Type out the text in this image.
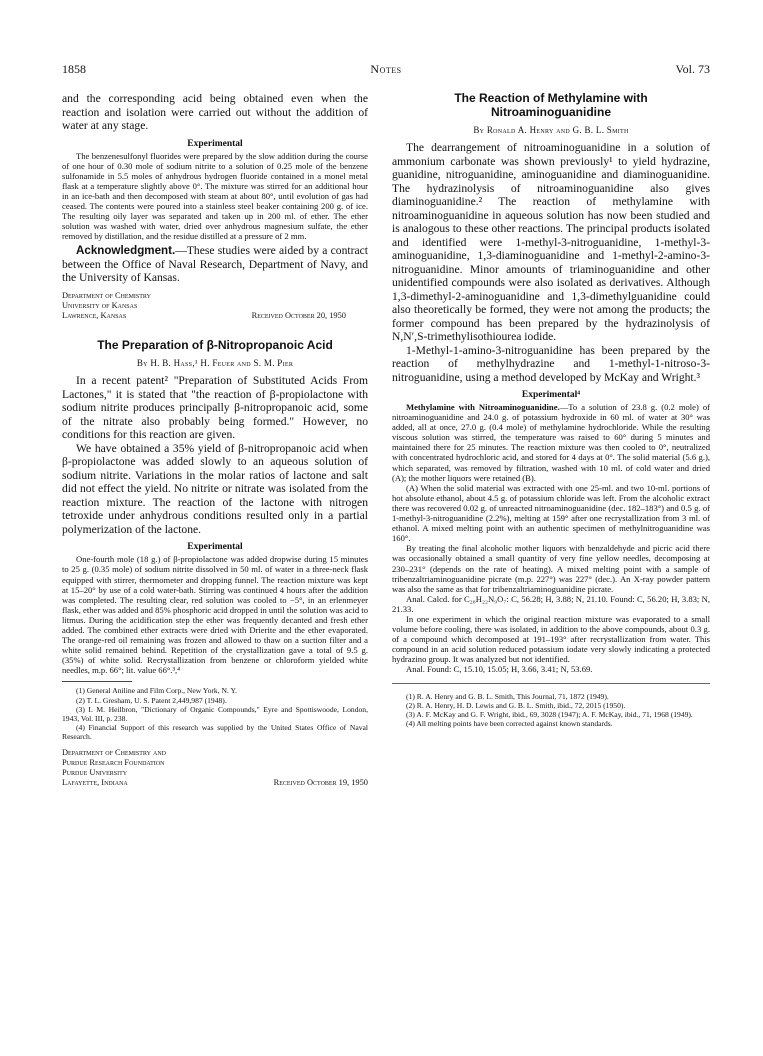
1858	Notes	Vol. 73

and the corresponding acid being obtained even when the reaction and isolation were carried out without the addition of water at any stage.

Experimental

The benzenesulfonyl fluorides were prepared by the slow addition during the course of one hour of 0.30 mole of sodium nitrite to a solution of 0.25 mole of the benzene sulfonamide in 5.5 moles of anhydrous hydrogen fluoride contained in a monel metal flask at a temperature slightly above 0°. The mixture was stirred for an additional hour in an ice-bath and then decomposed with steam at about 80°, until evolution of gas had ceased. The contents were poured into a stainless steel beaker containing 200 g. of ice. The resulting oily layer was separated and taken up in 200 ml. of ether. The ether solution was washed with water, dried over anhydrous magnesium sulfate, the ether removed by distillation, and the residue distilled at a pressure of 2 mm.

Acknowledgment.—These studies were aided by a contract between the Office of Naval Research, Department of Navy, and the University of Kansas.

Department of Chemistry
University of Kansas
Lawrence, Kansas	Received October 20, 1950
The Preparation of β-Nitropropanoic Acid
By H. B. Hass,¹ H. Feuer and S. M. Pier

In a recent patent² "Preparation of Substituted Acids From Lactones," it is stated that "the reaction of β-propiolactone with sodium nitrite produces principally β-nitropropanoic acid, some of the nitrate also probably being formed." However, no conditions for this reaction are given.

We have obtained a 35% yield of β-nitropropanoic acid when β-propiolactone was added slowly to an aqueous solution of sodium nitrite. Variations in the molar ratios of lactone and salt did not effect the yield. No nitrite or nitrate was isolated from the reaction mixture. The reaction of the lactone with nitrogen tetroxide under anhydrous conditions resulted only in a partial polymerization of the lactone.

Experimental

One-fourth mole (18 g.) of β-propiolactone was added dropwise during 15 minutes to 25 g. (0.35 mole) of sodium nitrite dissolved in 50 ml. of water in a three-neck flask equipped with stirrer, thermometer and dropping funnel. The reaction mixture was kept at 15–20° by use of a cold water-bath. Stirring was continued 4 hours after the addition was completed. The resulting clear, red solution was cooled to −5°, in an erlenmeyer flask, ether was added and 85% phosphoric acid dropped in until the solution was acid to litmus. During the acidification step the ether was frequently decanted and fresh ether added. The combined ether extracts were dried with Drierite and the ether evaporated. The orange-red oil remaining was frozen and allowed to thaw on a suction filter and a white solid remained behind. Repetition of the crystallization gave a total of 9.5 g. (35%) of white solid. Recrystallization from benzene or chloroform yielded white needles, m.p. 66°; lit. value 66°.³,⁴

(1) General Aniline and Film Corp., New York, N. Y.

(2) T. L. Gresham, U. S. Patent 2,449,987 (1948).

(3) I. M. Heilbron, "Dictionary of Organic Compounds," Eyre and Spottiswoode, London, 1943, Vol. III, p. 238.

(4) Financial Support of this research was supplied by the United States Office of Naval Research.

Department of Chemistry and
Purdue Research Foundation
Purdue University
Lafayette, Indiana	Received October 19, 1950
The Reaction of Methylamine with Nitroaminoguanidine
By Ronald A. Henry and G. B. L. Smith

The dearrangement of nitroaminoguanidine in a solution of ammonium carbonate was shown previously¹ to yield hydrazine, guanidine, nitroguanidine, aminoguanidine and diaminoguanidine. The hydrazinolysis of nitroaminoguanidine also gives diaminoguanidine.² The reaction of methylamine with nitroaminoguanidine in aqueous solution has now been studied and is analogous to these other reactions. The principal products isolated and identified were 1-methyl-3-nitroguanidine, 1-methyl-3-aminoguanidine, 1,3-diaminoguanidine and 1-methyl-2-amino-3-nitroguanidine. Minor amounts of triaminoguanidine and other unidentified compounds were also isolated as derivatives. Although 1,3-dimethyl-2-aminoguanidine and 1,3-dimethylguanidine could also theoretically be formed, they were not among the products; the former compound has been prepared by the hydrazinolysis of N,N′,S-trimethylisothiourea iodide.

1-Methyl-1-amino-3-nitroguanidine has been prepared by the reaction of methylhydrazine and 1-methyl-1-nitroso-3-nitroguanidine, using a method developed by McKay and Wright.³

Experimental⁴

Methylamine with Nitroaminoguanidine.—To a solution of 23.8 g. (0.2 mole) of nitroaminoguanidine and 24.0 g. of potassium hydroxide in 60 ml. of water at 30° was added, all at once, 27.0 g. (0.4 mole) of methylamine hydrochloride. While the resulting viscous solution was stirred, the temperature was raised to 60° during 5 minutes and maintained there for 25 minutes. The reaction mixture was then cooled to 0°, neutralized with concentrated hydrochloric acid, and stored for 4 days at 0°. The solid material (5.6 g.), which separated, was removed by filtration, washed with 10 ml. of cold water and dried (A); the mother liquors were retained (B).

(A) When the solid material was extracted with one 25-ml. and two 10-ml. portions of hot absolute ethanol, about 4.5 g. of potassium chloride was left. From the alcoholic extract there was recovered 0.02 g. of unreacted nitroaminoguanidine (dec. 182–183°) and 0.5 g. of 1-methyl-3-nitroguanidine (2.2%), melting at 159° after one recrystallization from 3 ml. of ethanol. A mixed melting point with an authentic specimen of methylnitroguanidine was 160°.

By treating the final alcoholic mother liquors with benzaldehyde and picric acid there was occasionally obtained a small quantity of very fine yellow needles, decomposing at 230–231° (depends on the rate of heating). A mixed melting point with a sample of tribenzaltriaminoguanidine picrate (m.p. 227°) was 227° (dec.). An X-ray powder pattern was also the same as that for tribenzaltriaminoguanidine picrate.

Anal. Calcd. for C₂₈H₂₂N₉O₇: C, 56.28; H, 3.88; N, 21.10. Found: C, 56.20; H, 3.83; N, 21.33.

In one experiment in which the original reaction mixture was evaporated to a small volume before cooling, there was isolated, in addition to the above compounds, about 0.3 g. of a compound which decomposed at 191–193° after recrystallization from water. This compound in an acid solution reduced potassium iodate very slowly indicating a protected hydrazino group. It was analyzed but not identified.

Anal. Found: C, 15.10, 15.05; H, 3.66, 3.41; N, 53.69.

(1) R. A. Henry and G. B. L. Smith, This Journal, 71, 1872 (1949).

(2) R. A. Henry, H. D. Lewis and G. B. L. Smith, ibid., 72, 2015 (1950).

(3) A. F. McKay and G. F. Wright, ibid., 69, 3028 (1947); A. F. McKay, ibid., 71, 1968 (1949).

(4) All melting points have been corrected against known standards.
